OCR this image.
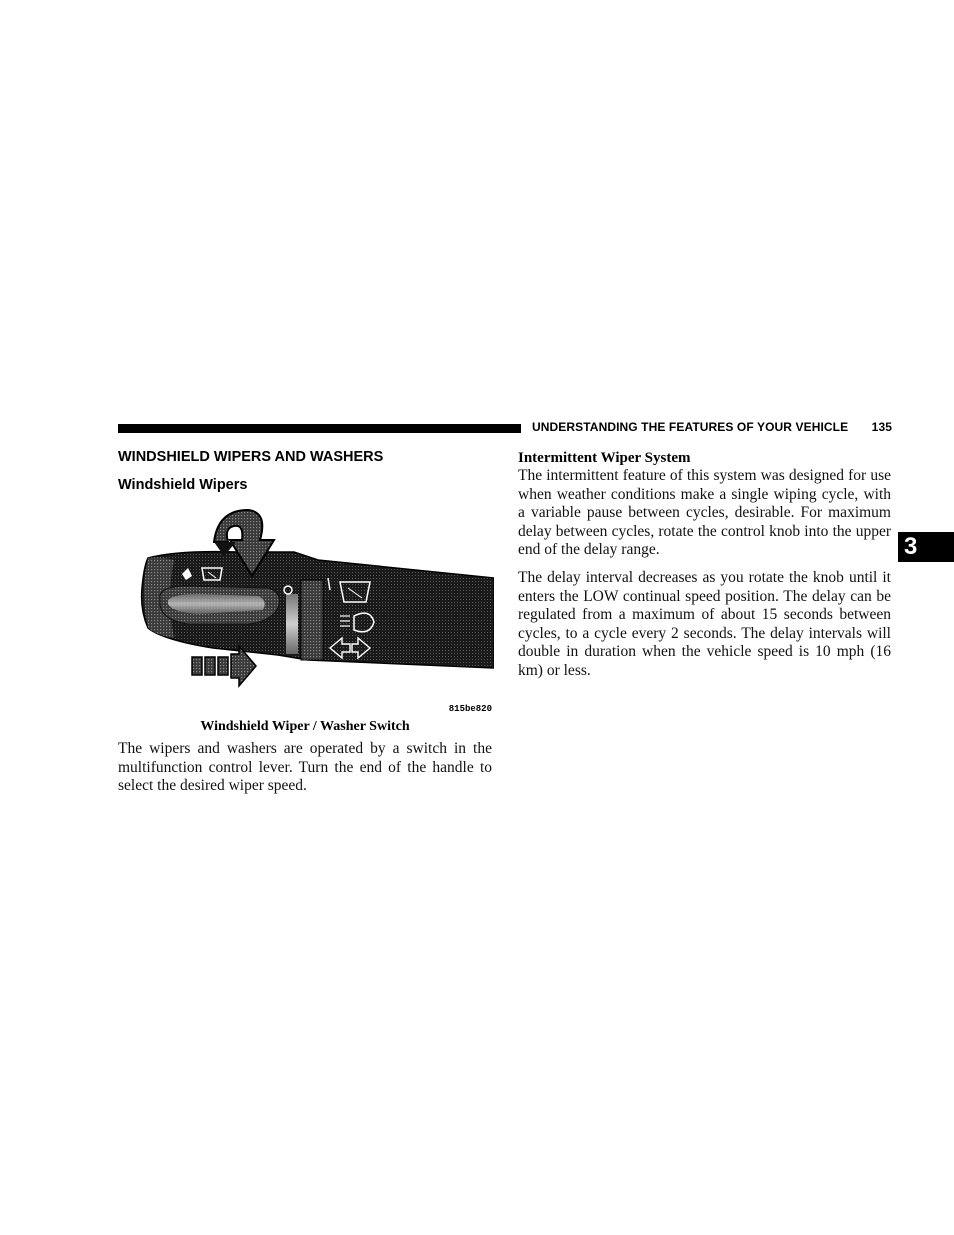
UNDERSTANDING THE FEATURES OF YOUR VEHICLE 135
WINDSHIELD WIPERS AND WASHERS
Windshield Wipers
815be820
Windshield Wiper / Washer Switch

The wipers and washers are operated by a switch in the multifunction control lever. Turn the end of the handle to select the desired wiper speed.

Intermittent Wiper System

The intermittent feature of this system was designed for use when weather conditions make a single wiping cycle, with a variable pause between cycles, desirable. For maximum delay between cycles, rotate the control knob into the upper end of the delay range.

The delay interval decreases as you rotate the knob until it enters the LOW continual speed position. The delay can be regulated from a maximum of about 15 seconds between cycles, to a cycle every 2 seconds. The delay intervals will double in duration when the vehicle speed is 10 mph (16 km) or less.

3
